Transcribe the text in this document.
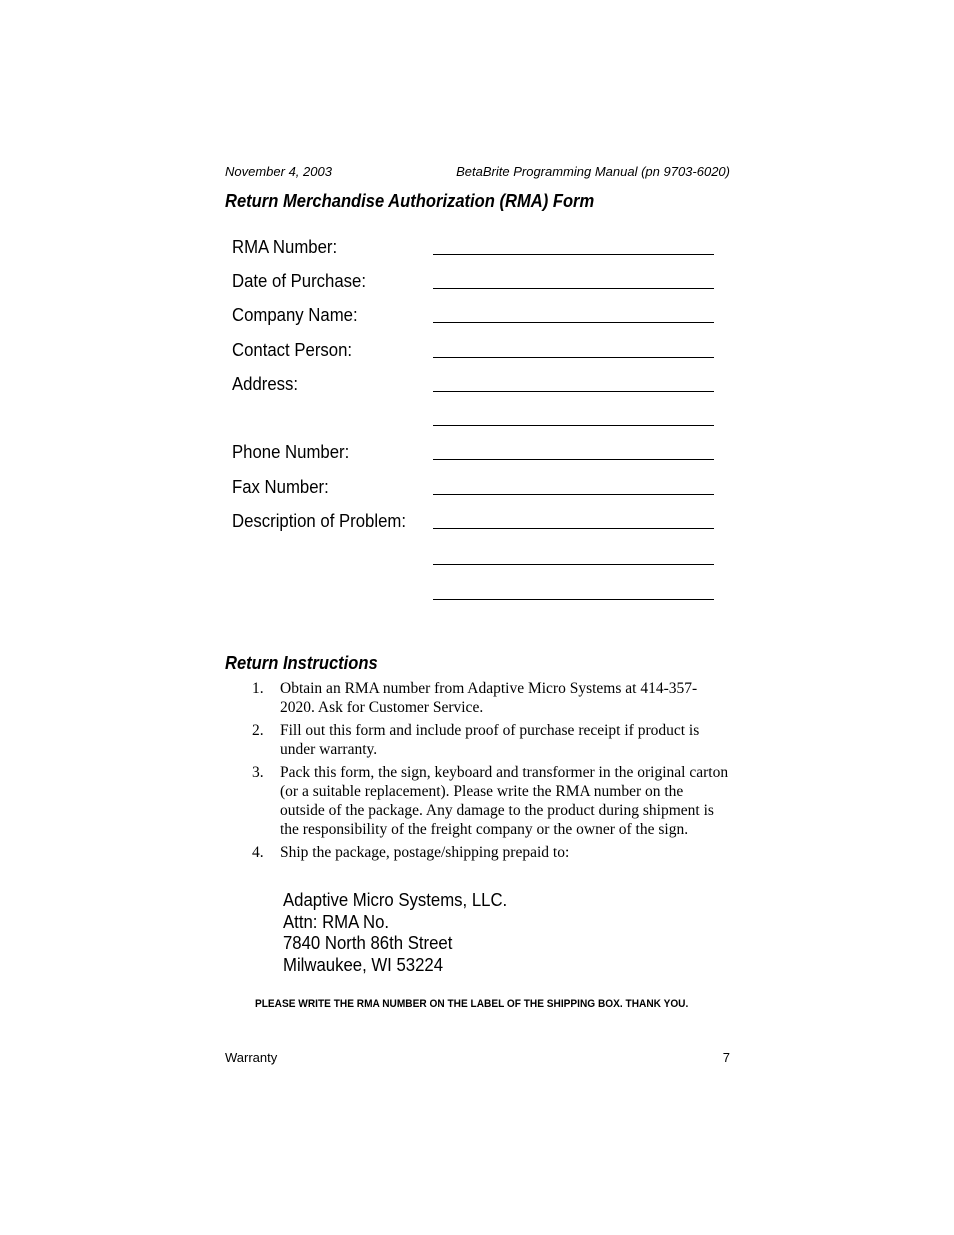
November 4, 2003	BetaBrite Programming Manual (pn 9703-6020)
Return Merchandise Authorization (RMA) Form
RMA Number:
Date of Purchase:
Company Name:
Contact Person:
Address:
Phone Number:
Fax Number:
Description of Problem:
Return Instructions
1. Obtain an RMA number from Adaptive Micro Systems at 414-357-2020. Ask for Customer Service.
2. Fill out this form and include proof of purchase receipt if product is under warranty.
3. Pack this form, the sign, keyboard and transformer in the original carton (or a suitable replacement). Please write the RMA number on the outside of the package. Any damage to the product during shipment is the responsibility of the freight company or the owner of the sign.
4. Ship the package, postage/shipping prepaid to:
Adaptive Micro Systems, LLC.
Attn: RMA No.
7840 North 86th Street
Milwaukee, WI 53224
PLEASE WRITE THE RMA NUMBER ON THE LABEL OF THE SHIPPING BOX. THANK YOU.
Warranty	7
